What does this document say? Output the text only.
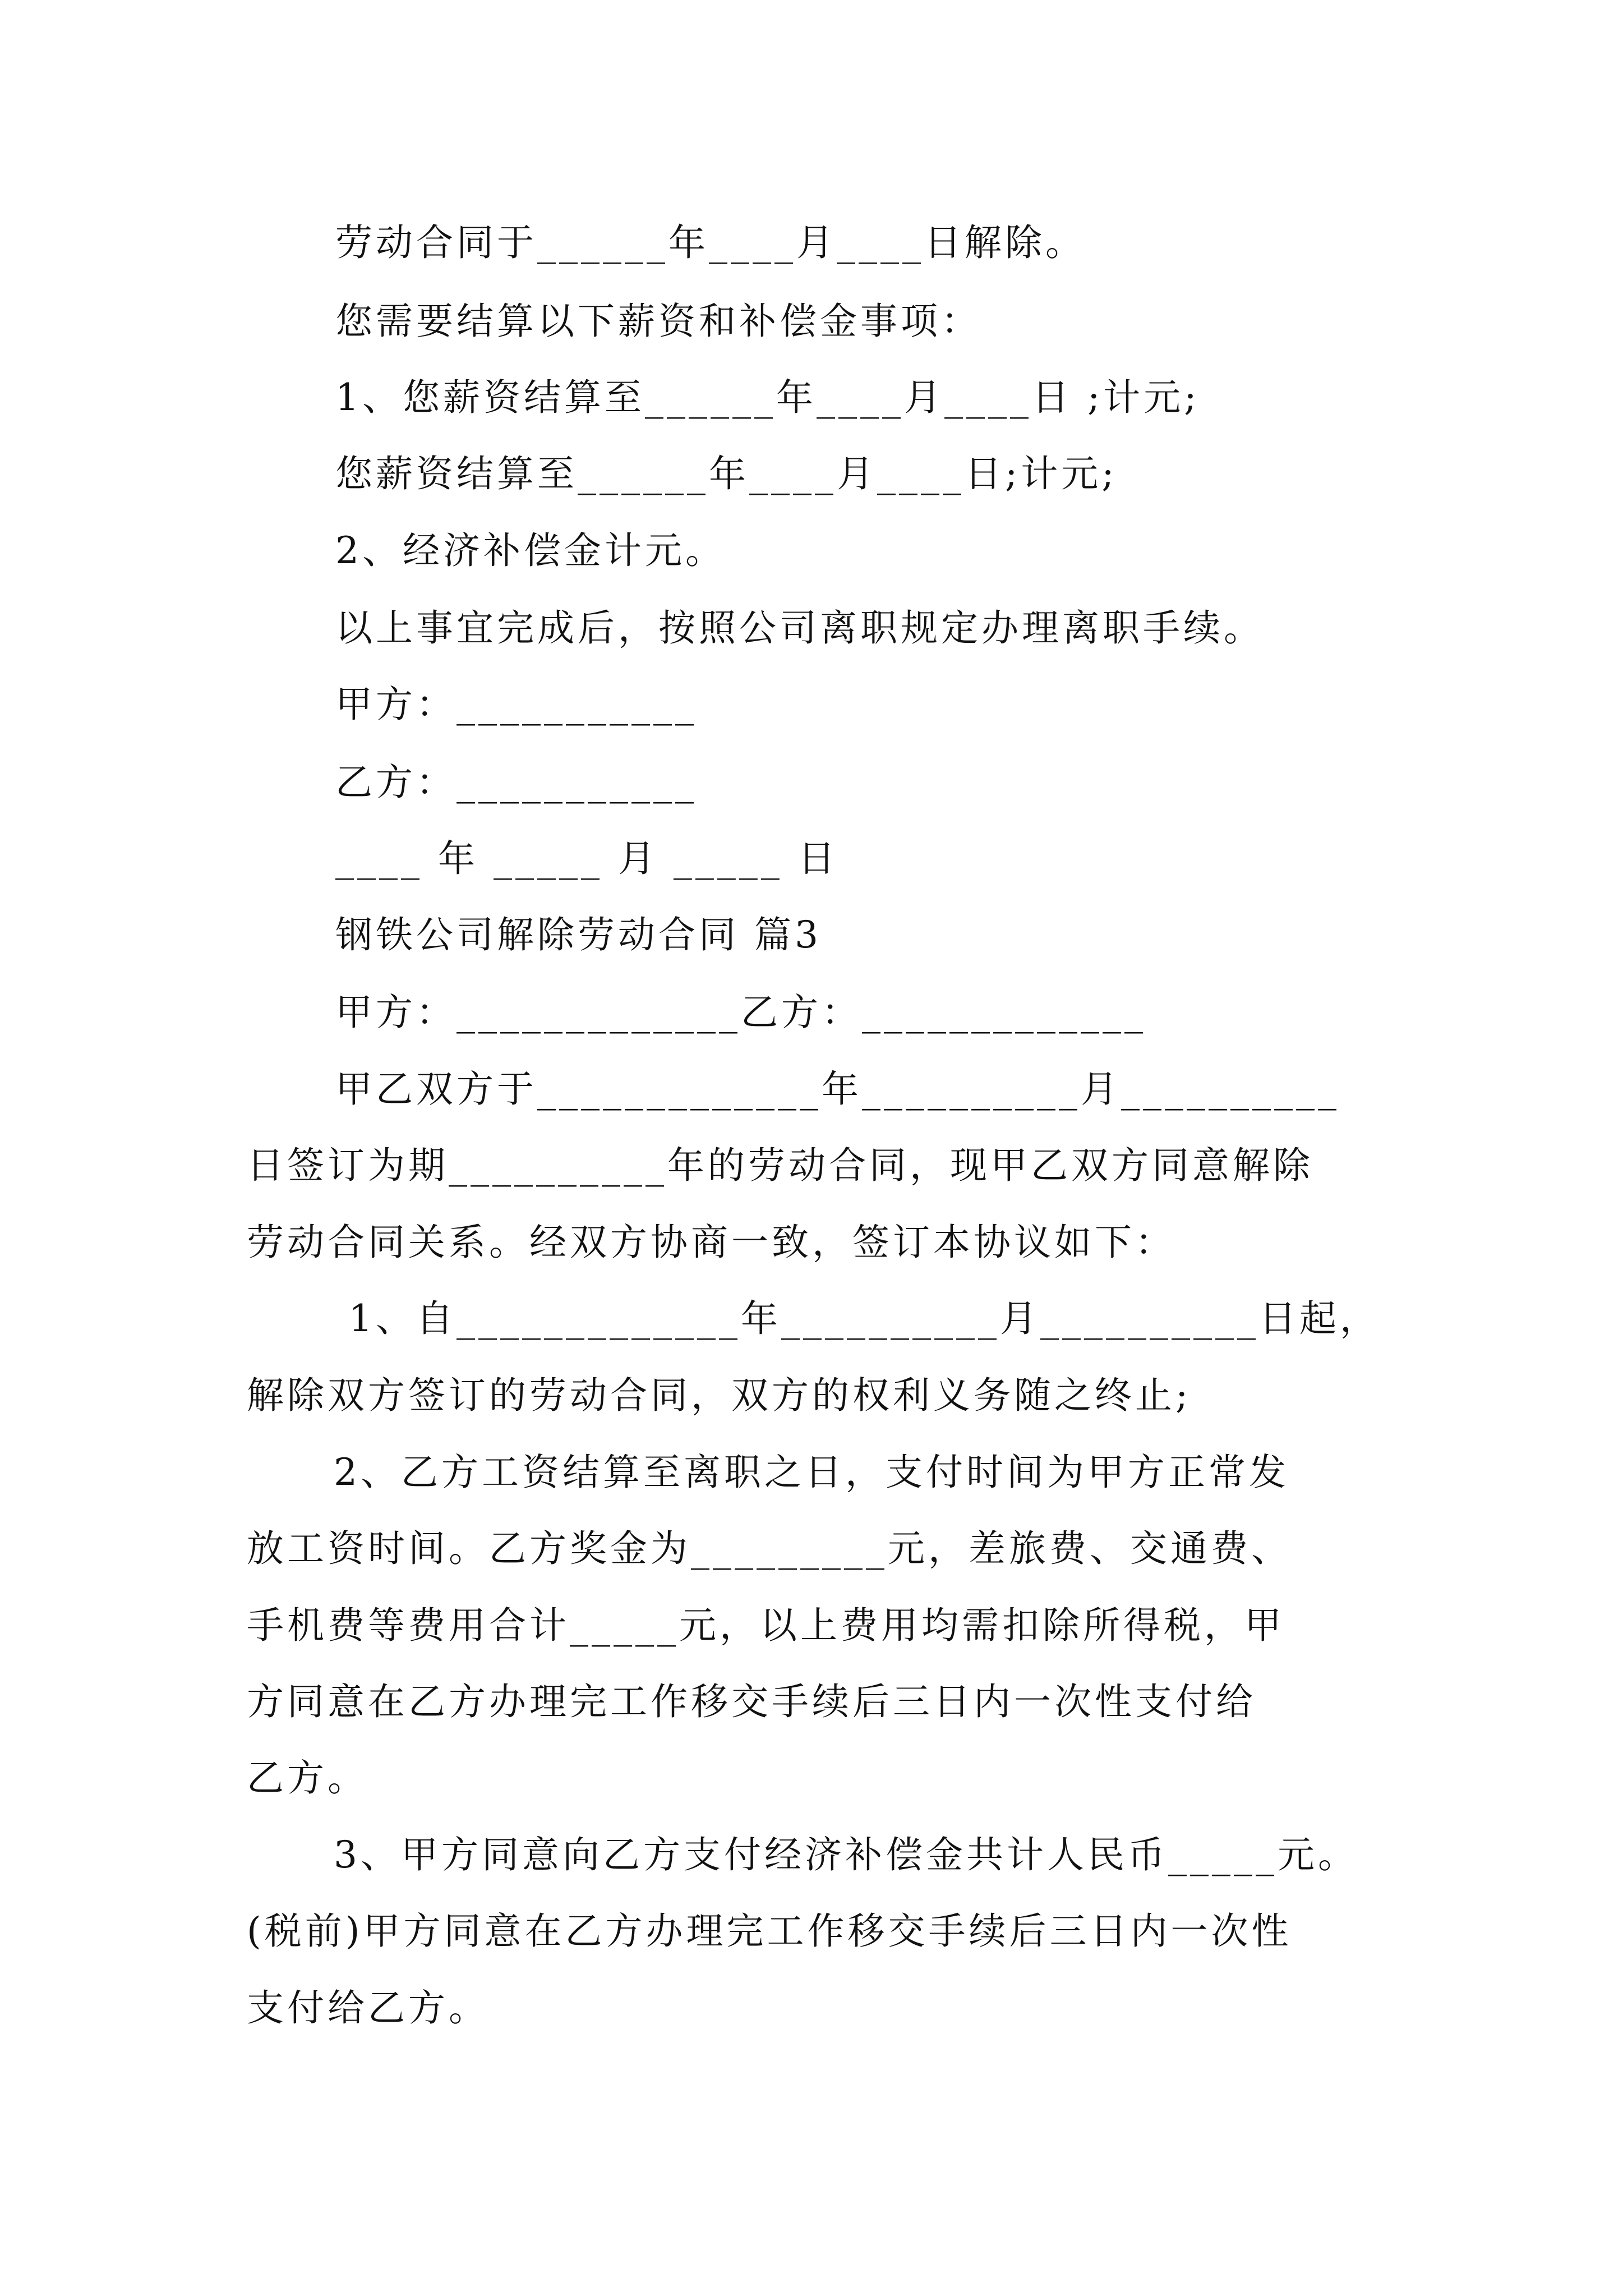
劳动合同于______年____月____日解除。
您需要结算以下薪资和补偿金事项：
1、您薪资结算至______年____月____日 ;计元;
您薪资结算至______年____月____日;计元;
2、经济补偿金计元。
以上事宜完成后，按照公司离职规定办理离职手续。
甲方：___________
乙方：___________
____ 年 _____ 月 _____ 日
钢铁公司解除劳动合同 篇3
甲方：_____________乙方：_____________
甲乙双方于_____________年__________月__________
日签订为期__________年的劳动合同，现甲乙双方同意解除
劳动合同关系。经双方协商一致，签订本协议如下：
1、自_____________年__________月__________日起，
解除双方签订的劳动合同，双方的权利义务随之终止;
2、乙方工资结算至离职之日，支付时间为甲方正常发
放工资时间。乙方奖金为_________元，差旅费、交通费、
手机费等费用合计_____元，以上费用均需扣除所得税，甲
方同意在乙方办理完工作移交手续后三日内一次性支付给
乙方。
3、甲方同意向乙方支付经济补偿金共计人民币_____元。
(税前)甲方同意在乙方办理完工作移交手续后三日内一次性
支付给乙方。
